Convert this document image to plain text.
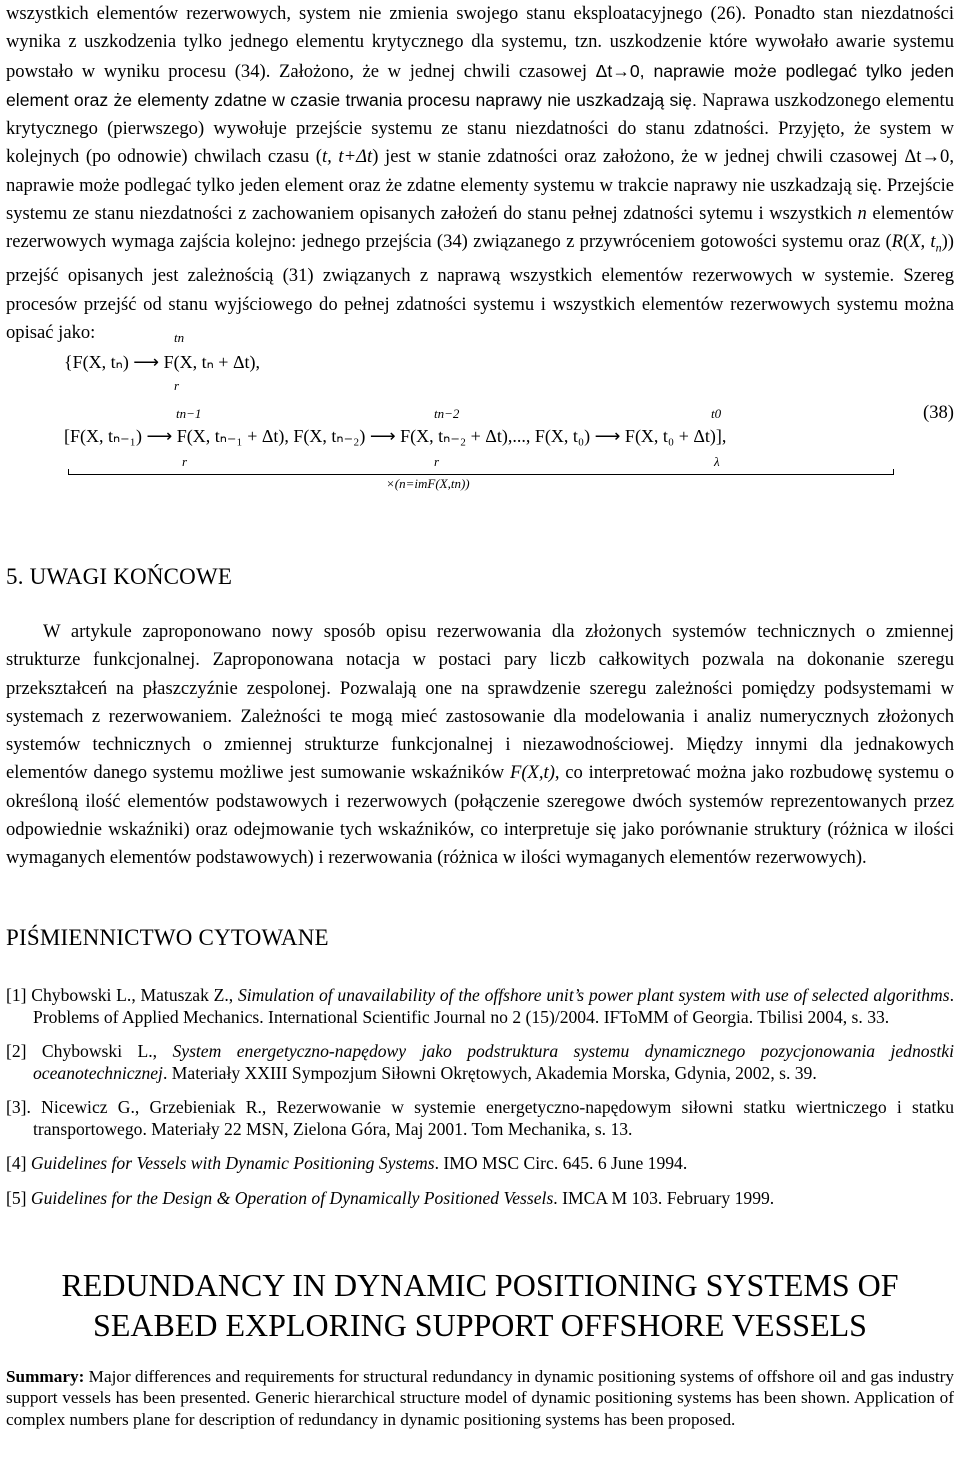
wszystkich elementów rezerwowych, system nie zmienia swojego stanu eksploatacyjnego (26). Ponadto stan niezdatności wynika z uszkodzenia tylko jednego elementu krytycznego dla systemu, tzn. uszkodzenie które wywołało awarie systemu powstało w wyniku procesu (34). Założono, że w jednej chwili czasowej Δt→0, naprawie może podlegać tylko jeden element oraz że elementy zdatne w czasie trwania procesu naprawy nie uszkadzają się. Naprawa uszkodzonego elementu krytycznego (pierwszego) wywołuje przejście systemu ze stanu niezdatności do stanu zdatności. Przyjęto, że system w kolejnych (po odnowie) chwilach czasu (t, t+Δt) jest w stanie zdatności oraz założono, że w jednej chwili czasowej Δt→0, naprawie może podlegać tylko jeden element oraz że zdatne elementy systemu w trakcie naprawy nie uszkadzają się. Przejście systemu ze stanu niezdatności z zachowaniem opisanych założeń do stanu pełnej zdatności sytemu i wszystkich n elementów rezerwowych wymaga zajścia kolejno: jednego przejścia (34) związanego z przywróceniem gotowości systemu oraz (R(X, $t_n$)) przejść opisanych jest zależnością (31) związanych z naprawą wszystkich elementów rezerwowych w systemie. Szereg procesów przejść od stanu wyjściowego do pełnej zdatności systemu i wszystkich elementów rezerwowych systemu można opisać jako:	tn
{F(X, tₙ) ⟶ F(X, tₙ + Δt),
r
tn−1	tn−2	t0
[F(X, tₙ₋₁) ⟶ F(X, tₙ₋₁ + Δt), F(X, tₙ₋₂) ⟶ F(X, tₙ₋₂ + Δt),..., F(X, t₀) ⟶ F(X, t₀ + Δt)],
r	r	λ
×(n=imF(X,tn))
(38)
5. UWAGI KOŃCOWE

W artykule zaproponowano nowy sposób opisu rezerwowania dla złożonych systemów technicznych o zmiennej strukturze funkcjonalnej. Zaproponowana notacja w postaci pary liczb całkowitych pozwala na dokonanie szeregu przekształceń na płaszczyźnie zespolonej. Pozwalają one na sprawdzenie szeregu zależności pomiędzy podsystemami w systemach z rezerwowaniem. Zależności te mogą mieć zastosowanie dla modelowania i analiz numerycznych złożonych systemów technicznych o zmiennej strukturze funkcjonalnej i niezawodnościowej. Między innymi dla jednakowych elementów danego systemu możliwe jest sumowanie wskaźników F(X,t), co interpretować można jako rozbudowę systemu o określoną ilość elementów podstawowych i rezerwowych (połączenie szeregowe dwóch systemów reprezentowanych przez odpowiednie wskaźniki) oraz odejmowanie tych wskaźników, co interpretuje się jako porównanie struktury (różnica w ilości wymaganych elementów podstawowych) i rezerwowania (różnica w ilości wymaganych elementów rezerwowych).

PIŚMIENNICTWO CYTOWANE

[1] Chybowski L., Matuszak Z., Simulation of unavailability of the offshore unit’s power plant system with use of selected algorithms. Problems of Applied Mechanics. International Scientific Journal no 2 (15)/2004. IFToMM of Georgia. Tbilisi 2004, s. 33.

[2] Chybowski L., System energetyczno-napędowy jako podstruktura systemu dynamicznego pozycjonowania jednostki oceanotechnicznej. Materiały XXIII Sympozjum Siłowni Okrętowych, Akademia Morska, Gdynia, 2002, s. 39.

[3]. Nicewicz G., Grzebieniak R., Rezerwowanie w systemie energetyczno-napędowym siłowni statku wiertniczego i statku transportowego. Materiały 22 MSN, Zielona Góra, Maj 2001. Tom Mechanika, s. 13.

[4] Guidelines for Vessels with Dynamic Positioning Systems. IMO MSC Circ. 645. 6 June 1994.

[5] Guidelines for the Design & Operation of Dynamically Positioned Vessels. IMCA M 103. February 1999.

REDUNDANCY IN DYNAMIC POSITIONING SYSTEMS OF
SEABED EXPLORING SUPPORT OFFSHORE VESSELS

Summary: Major differences and requirements for structural redundancy in dynamic positioning systems of offshore oil and gas industry support vessels has been presented. Generic hierarchical structure model of dynamic positioning systems has been shown. Application of complex numbers plane for description of redundancy in dynamic positioning systems has been proposed.
